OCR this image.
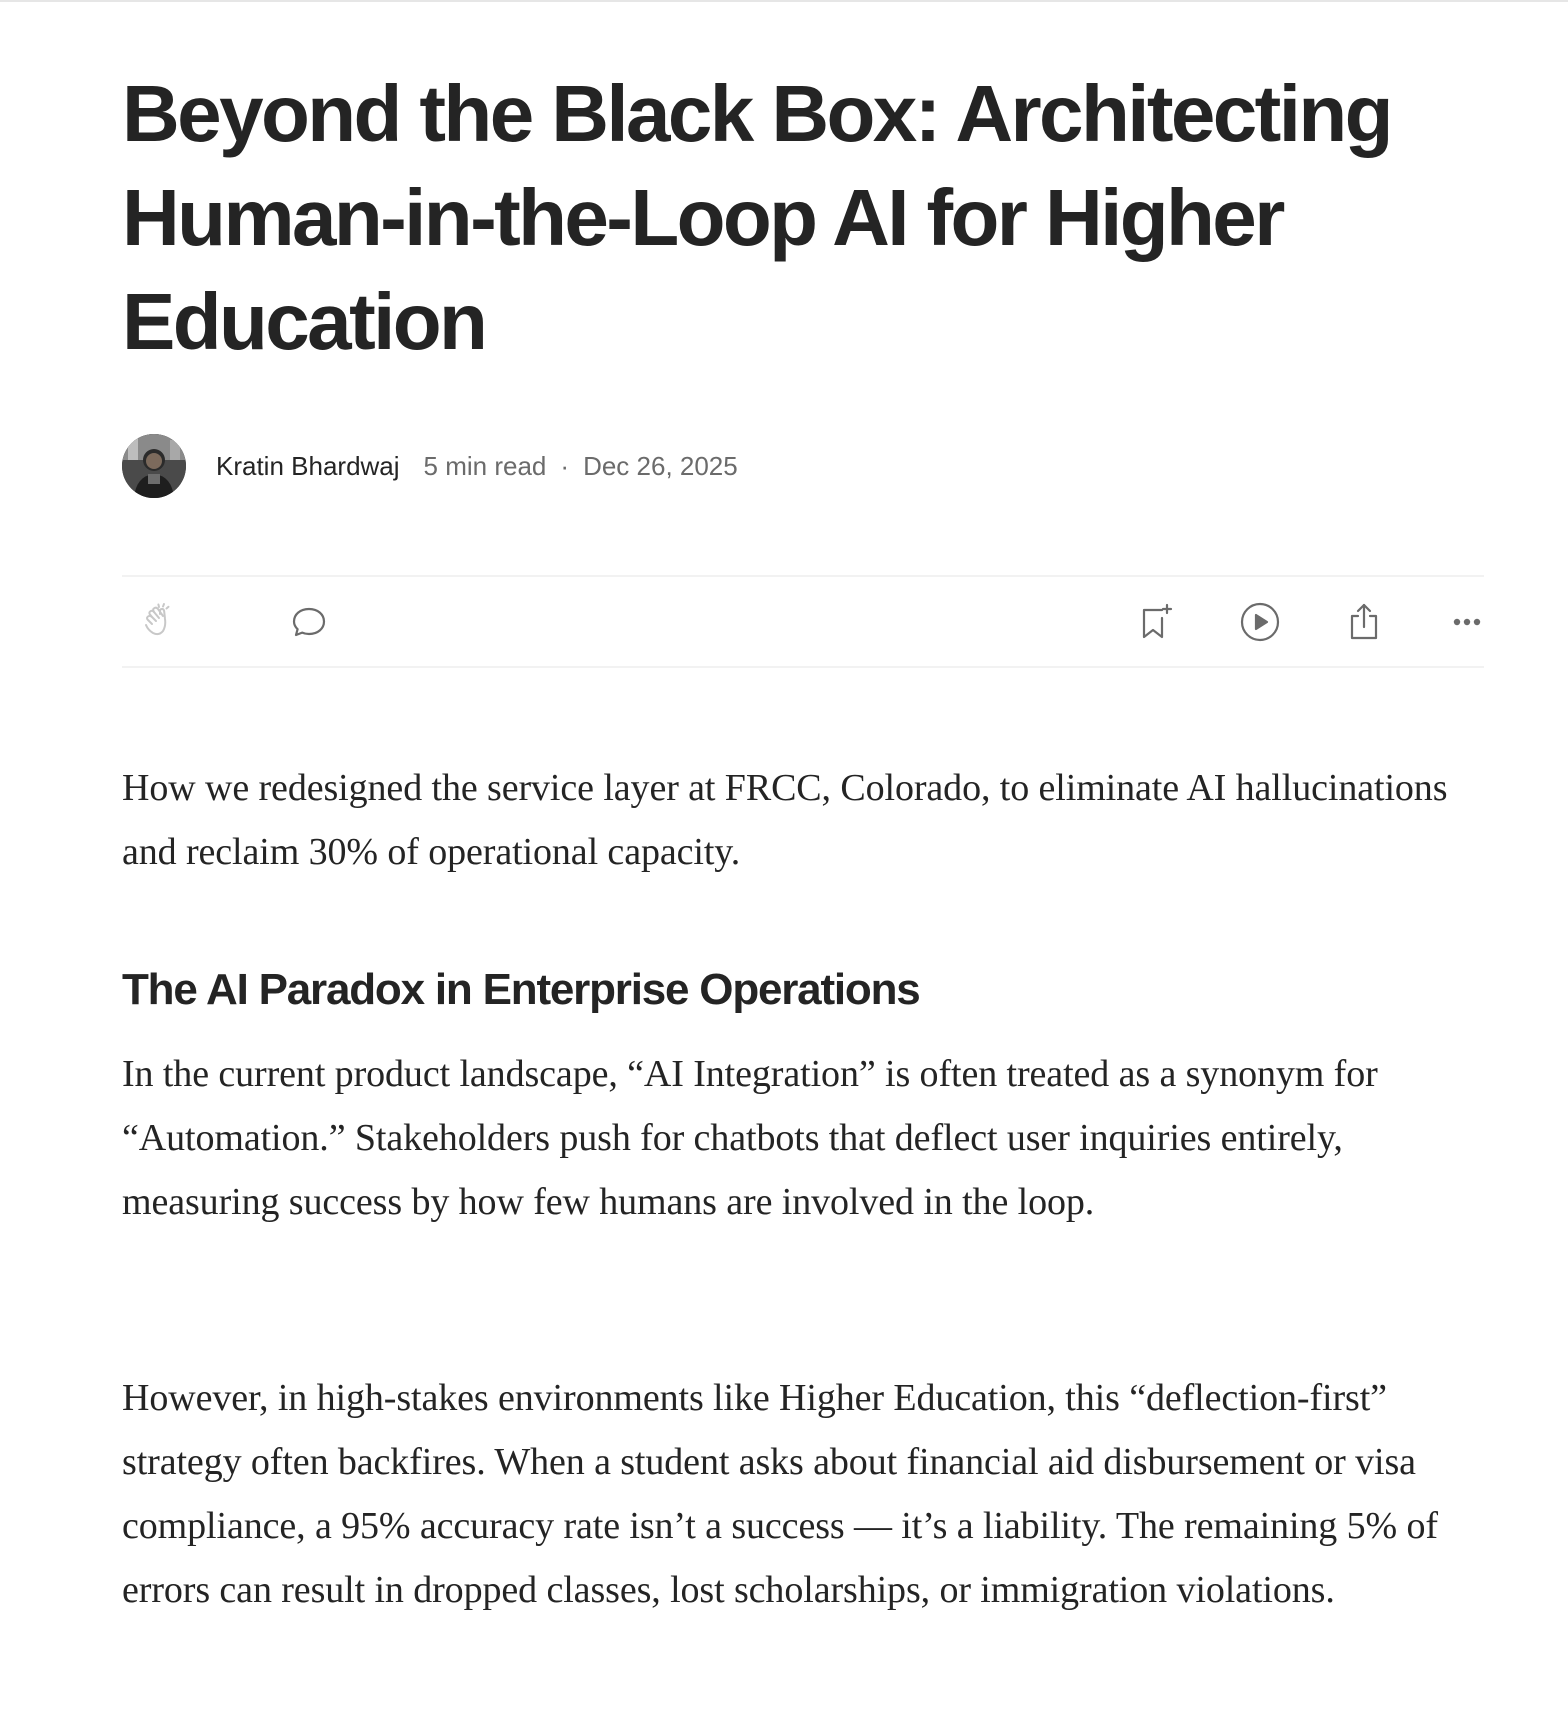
Beyond the Black Box: Architecting Human-in-the-Loop AI for Higher Education
Kratin Bhardwaj 5 min read · Dec 26, 2025

How we redesigned the service layer at FRCC, Colorado, to eliminate AI hallucinations and reclaim 30% of operational capacity.

The AI Paradox in Enterprise Operations

In the current product landscape, “AI Integration” is often treated as a synonym for “Automation.” Stakeholders push for chatbots that deflect user inquiries entirely, measuring success by how few humans are involved in the loop.

However, in high-stakes environments like Higher Education, this “deflection-first” strategy often backfires. When a student asks about financial aid disbursement or visa compliance, a 95% accuracy rate isn’t a success — it’s a liability. The remaining 5% of errors can result in dropped classes, lost scholarships, or immigration violations.
